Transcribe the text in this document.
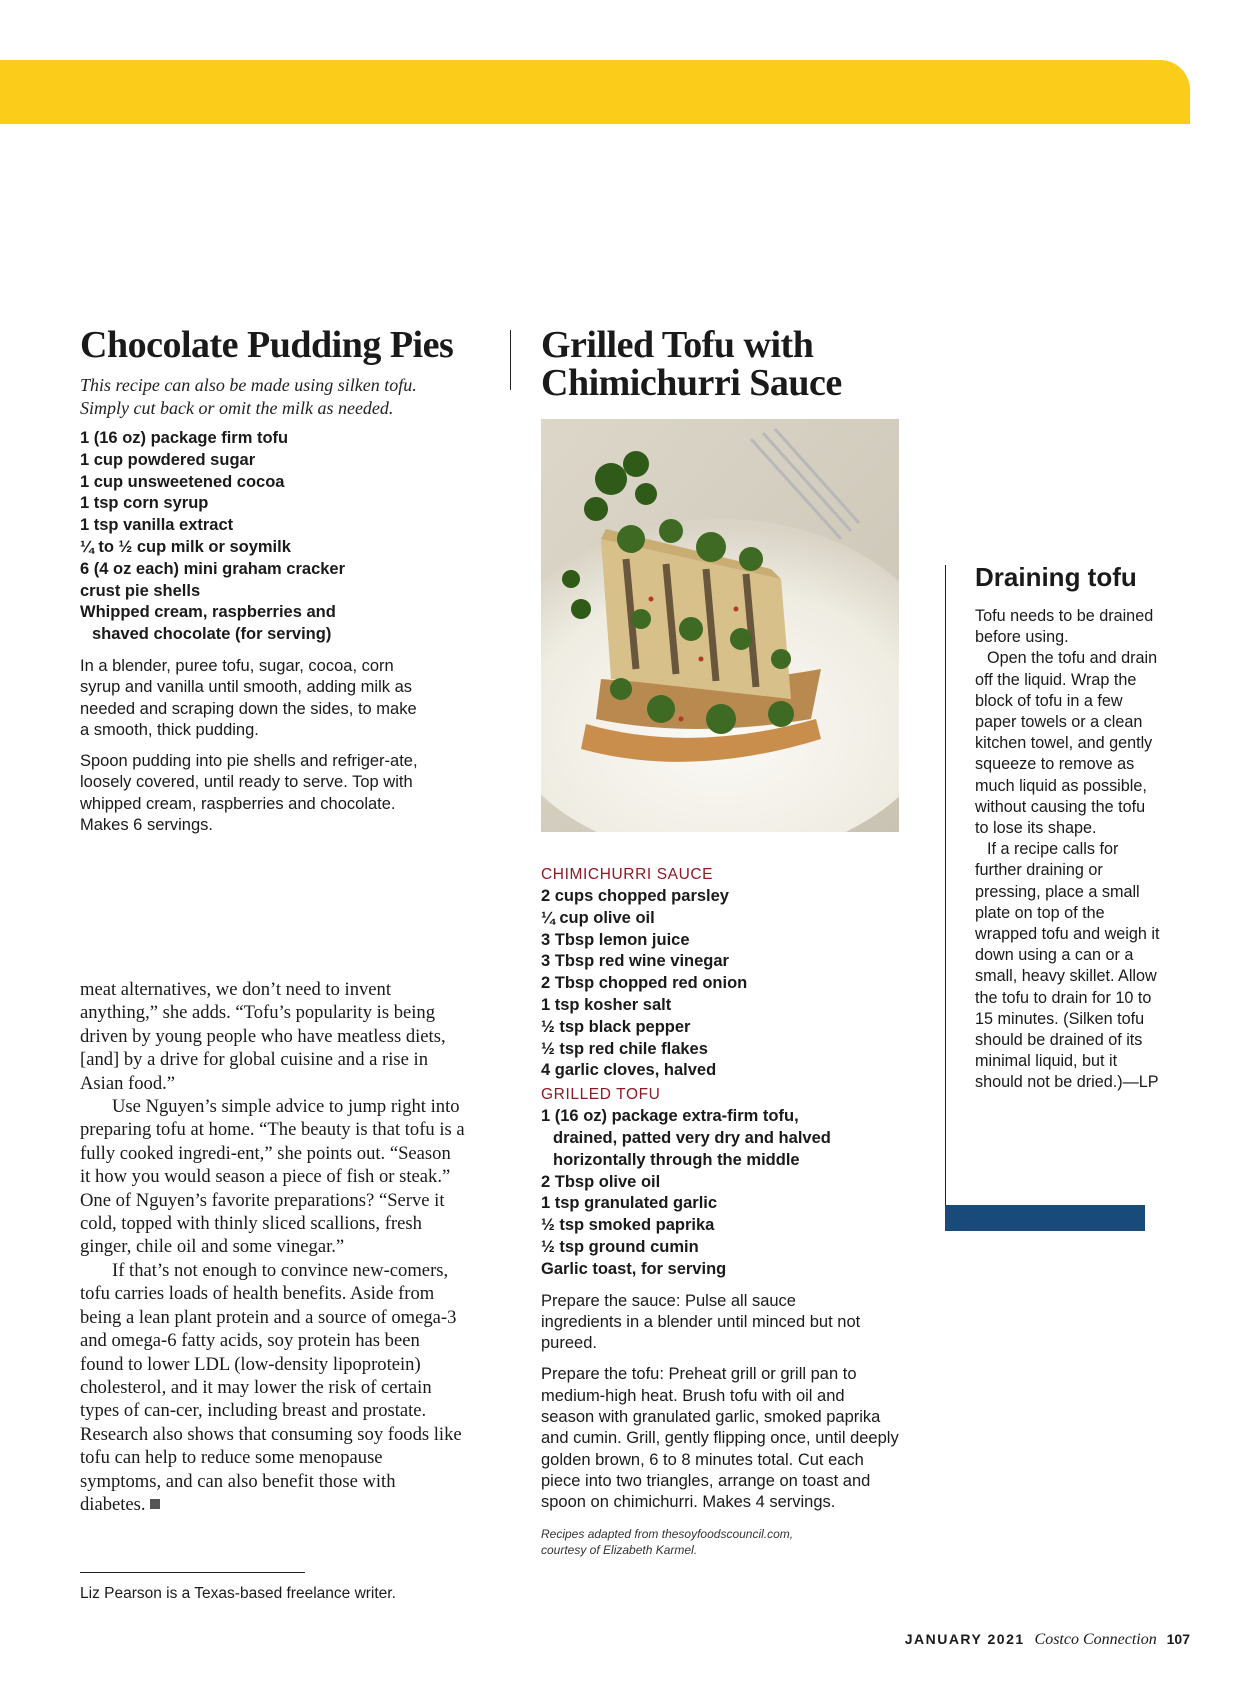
Chocolate Pudding Pies
This recipe can also be made using silken tofu.
Simply cut back or omit the milk as needed.
1 (16 oz) package firm tofu
1 cup powdered sugar
1 cup unsweetened cocoa
1 tsp corn syrup
1 tsp vanilla extract
¼ to ½ cup milk or soymilk
6 (4 oz each) mini graham cracker crust pie shells
Whipped cream, raspberries and shaved chocolate (for serving)

In a blender, puree tofu, sugar, cocoa, corn syrup and vanilla until smooth, adding milk as needed and scraping down the sides, to make a smooth, thick pudding.

Spoon pudding into pie shells and refriger-ate, loosely covered, until ready to serve. Top with whipped cream, raspberries and chocolate. Makes 6 servings.

meat alternatives, we don’t need to invent anything,” she adds. “Tofu’s popularity is being driven by young people who have meatless diets, [and] by a drive for global cuisine and a rise in Asian food.”

Use Nguyen’s simple advice to jump right into preparing tofu at home. “The beauty is that tofu is a fully cooked ingredi-ent,” she points out. “Season it how you would season a piece of fish or steak.” One of Nguyen’s favorite preparations? “Serve it cold, topped with thinly sliced scallions, fresh ginger, chile oil and some vinegar.”

If that’s not enough to convince new-comers, tofu carries loads of health benefits. Aside from being a lean plant protein and a source of omega-3 and omega-6 fatty acids, soy protein has been found to lower LDL (low-density lipoprotein) cholesterol, and it may lower the risk of certain types of can-cer, including breast and prostate. Research also shows that consuming soy foods like tofu can help to reduce some menopause symptoms, and can also benefit those with diabetes.

Liz Pearson is a Texas-based freelance writer.
Grilled Tofu with
Chimichurri Sauce
CHIMICHURRI SAUCE
2 cups chopped parsley
¼ cup olive oil
3 Tbsp lemon juice
3 Tbsp red wine vinegar
2 Tbsp chopped red onion
1 tsp kosher salt
½ tsp black pepper
½ tsp red chile flakes
4 garlic cloves, halved
GRILLED TOFU
1 (16 oz) package extra-firm tofu, drained, patted very dry and halved horizontally through the middle
2 Tbsp olive oil
1 tsp granulated garlic
½ tsp smoked paprika
½ tsp ground cumin
Garlic toast, for serving

Prepare the sauce: Pulse all sauce ingredients in a blender until minced but not pureed.

Prepare the tofu: Preheat grill or grill pan to medium-high heat. Brush tofu with oil and season with granulated garlic, smoked paprika and cumin. Grill, gently flipping once, until deeply golden brown, 6 to 8 minutes total. Cut each piece into two triangles, arrange on toast and spoon on chimichurri. Makes 4 servings.

Recipes adapted from thesoyfoodscouncil.com,
courtesy of Elizabeth Karmel.
Draining tofu

Tofu needs to be drained before using.

Open the tofu and drain off the liquid. Wrap the block of tofu in a few paper towels or a clean kitchen towel, and gently squeeze to remove as much liquid as possible, without causing the tofu to lose its shape.

If a recipe calls for further draining or pressing, place a small plate on top of the wrapped tofu and weigh it down using a can or a small, heavy skillet. Allow the tofu to drain for 10 to 15 minutes. (Silken tofu should be drained of its minimal liquid, but it should not be dried.)—LP

JANUARY 2021 Costco Connection 107
